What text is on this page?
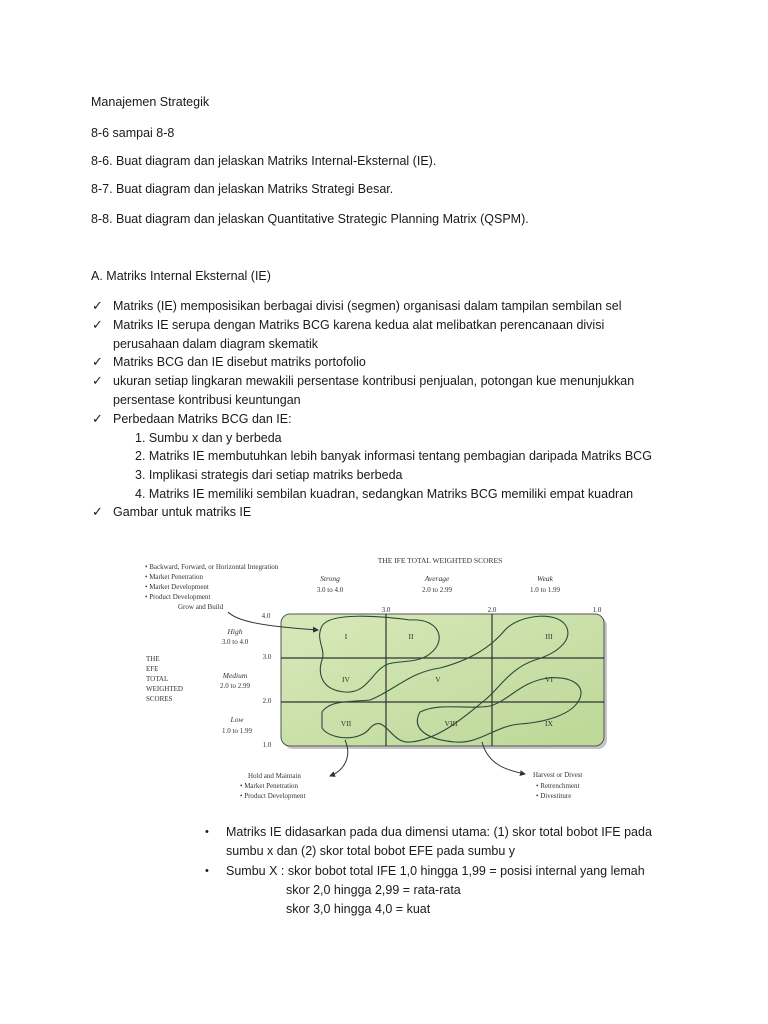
Manajemen Strategik
8-6 sampai 8-8
8-6. Buat diagram dan jelaskan Matriks Internal-Eksternal (IE).
8-7. Buat diagram dan jelaskan Matriks Strategi Besar.
8-8. Buat diagram dan jelaskan Quantitative Strategic Planning Matrix (QSPM).
A. Matriks Internal Eksternal (IE)
✓ Matriks (IE) memposisikan berbagai divisi (segmen) organisasi dalam tampilan sembilan sel
✓ Matriks IE serupa dengan Matriks BCG karena kedua alat melibatkan perencanaan divisi perusahaan dalam diagram skematik
✓ Matriks BCG dan IE disebut matriks portofolio
✓ ukuran setiap lingkaran mewakili persentase kontribusi penjualan, potongan kue menunjukkan persentase kontribusi keuntungan
✓ Perbedaan Matriks BCG dan IE:
1. Sumbu x dan y berbeda
2. Matriks IE membutuhkan lebih banyak informasi tentang pembagian daripada Matriks BCG
3. Implikasi strategis dari setiap matriks berbeda
4. Matriks IE memiliki sembilan kuadran, sedangkan Matriks BCG memiliki empat kuadran
✓ Gambar untuk matriks IE
THE IFE TOTAL WEIGHTED SCORES
• Backward, Forward, or Horizontal Integration
• Market Penetration
• Market Development
• Product Development
Grow and Build
Strong
3.0 to 4.0
Average
2.0 to 2.99
Weak
1.0 to 1.99
4.0
3.0	2.0	1.0
3.0
2.0
1.0
THE
EFE
TOTAL
WEIGHTED
SCORES
High
3.0 to 4.0
Medium
2.0 to 2.99
Low
1.0 to 1.99
I	II	III
IV	V	VI
VII	VIII	IX
Hold and Maintain
• Market Penetration
• Product Development
Harvest or Divest
• Retrenchment
• Divestiture
• Matriks IE didasarkan pada dua dimensi utama: (1) skor total bobot IFE pada sumbu x dan (2) skor total bobot EFE pada sumbu y
• Sumbu X : skor bobot total IFE 1,0 hingga 1,99 = posisi internal yang lemah
skor 2,0 hingga 2,99 = rata-rata
skor 3,0 hingga 4,0 = kuat
